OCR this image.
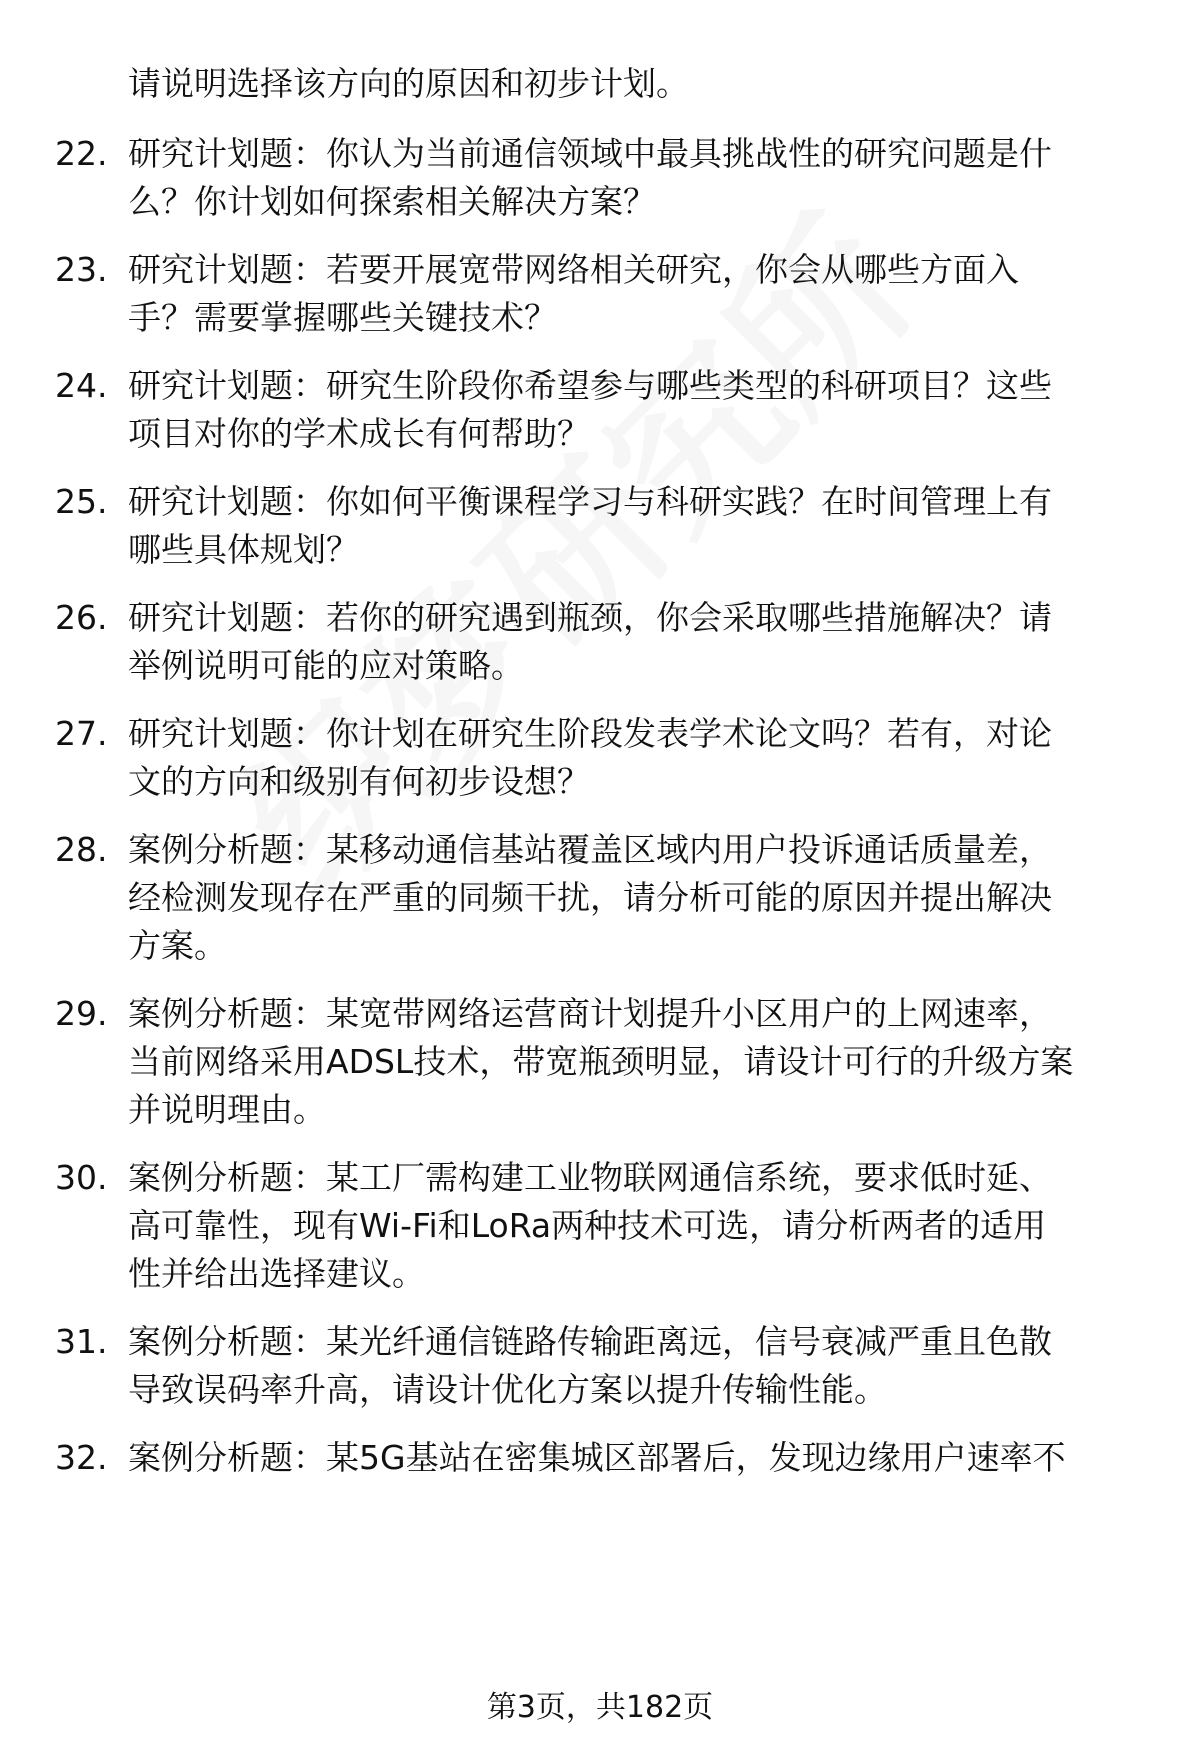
请说明选择该方向的原因和初步计划。

22. 研究计划题：你认为当前通信领域中最具挑战性的研究问题是什
么？你计划如何探索相关解决方案？
23. 研究计划题：若要开展宽带网络相关研究，你会从哪些方面入
手？需要掌握哪些关键技术？
24. 研究计划题：研究生阶段你希望参与哪些类型的科研项目？这些
项目对你的学术成长有何帮助？
25. 研究计划题：你如何平衡课程学习与科研实践？在时间管理上有
哪些具体规划？
26. 研究计划题：若你的研究遇到瓶颈，你会采取哪些措施解决？请
举例说明可能的应对策略。
27. 研究计划题：你计划在研究生阶段发表学术论文吗？若有，对论
文的方向和级别有何初步设想？
28. 案例分析题：某移动通信基站覆盖区域内用户投诉通话质量差，
经检测发现存在严重的同频干扰，请分析可能的原因并提出解决
方案。
29. 案例分析题：某宽带网络运营商计划提升小区用户的上网速率，
当前网络采用ADSL技术，带宽瓶颈明显，请设计可行的升级方案
并说明理由。
30. 案例分析题：某工厂需构建工业物联网通信系统，要求低时延、
高可靠性，现有Wi-Fi和LoRa两种技术可选，请分析两者的适用
性并给出选择建议。
31. 案例分析题：某光纤通信链路传输距离远，信号衰减严重且色散
导致误码率升高，请设计优化方案以提升传输性能。
32. 案例分析题：某5G基站在密集城区部署后，发现边缘用户速率不
第3页，共182页
